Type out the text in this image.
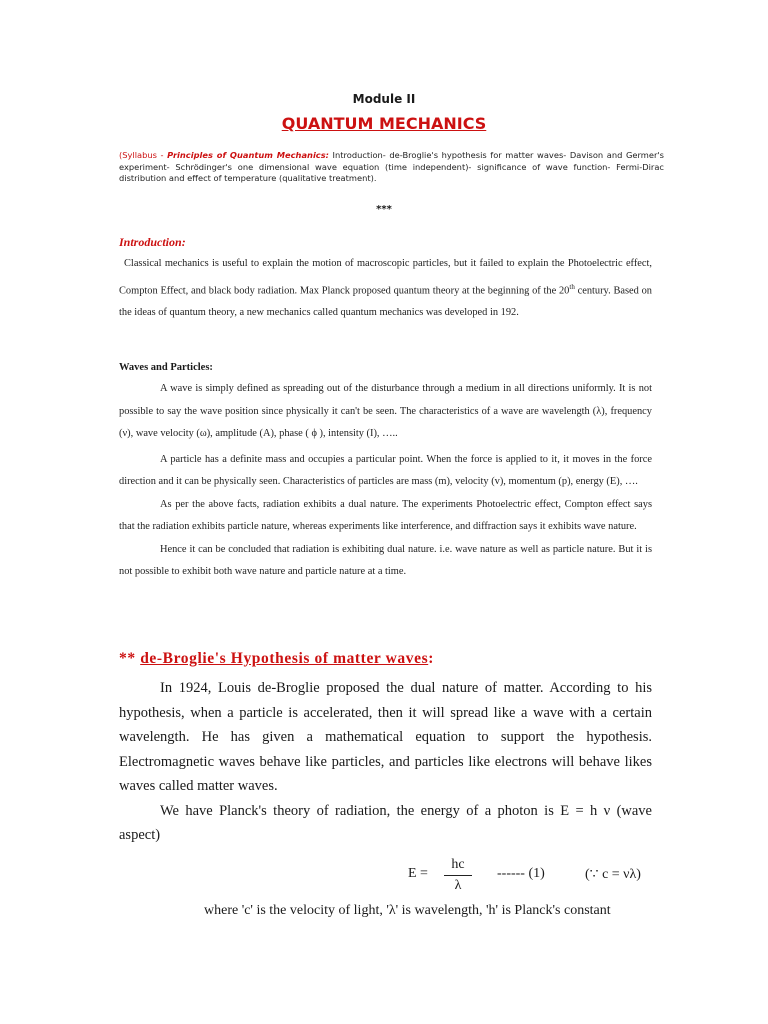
Module II
QUANTUM MECHANICS
(Syllabus - Principles of Quantum Mechanics: Introduction- de-Broglie's hypothesis for matter waves- Davison and Germer's experiment- Schrödinger's one dimensional wave equation (time independent)- significance of wave function- Fermi-Dirac distribution and effect of temperature (qualitative treatment).
***
Introduction:

Classical mechanics is useful to explain the motion of macroscopic particles, but it failed to explain the Photoelectric effect, Compton Effect, and black body radiation. Max Planck proposed quantum theory at the beginning of the 20th century. Based on the ideas of quantum theory, a new mechanics called quantum mechanics was developed in 192.

Waves and Particles:

A wave is simply defined as spreading out of the disturbance through a medium in all directions uniformly. It is not possible to say the wave position since physically it can't be seen. The characteristics of a wave are wavelength (λ), frequency (ν), wave velocity (ω), amplitude (A), phase ( ϕ ), intensity (I), …..

A particle has a definite mass and occupies a particular point. When the force is applied to it, it moves in the force direction and it can be physically seen. Characteristics of particles are mass (m), velocity (v), momentum (p), energy (E), ….

As per the above facts, radiation exhibits a dual nature. The experiments Photoelectric effect, Compton effect says that the radiation exhibits particle nature, whereas experiments like interference, and diffraction says it exhibits wave nature.

Hence it can be concluded that radiation is exhibiting dual nature. i.e. wave nature as well as particle nature. But it is not possible to exhibit both wave nature and particle nature at a time.

** de-Broglie's Hypothesis of matter waves:

In 1924, Louis de-Broglie proposed the dual nature of matter. According to his hypothesis, when a particle is accelerated, then it will spread like a wave with a certain wavelength. He has given a mathematical equation to support the hypothesis. Electromagnetic waves behave like particles, and particles like electrons will behave likes waves called matter waves.

We have Planck's theory of radiation, the energy of a photon is E = h ν (wave aspect)

E =
hc
λ
------ (1)	(∵ c = νλ)
where 'c' is the velocity of light, 'λ' is wavelength, 'h' is Planck's constant
